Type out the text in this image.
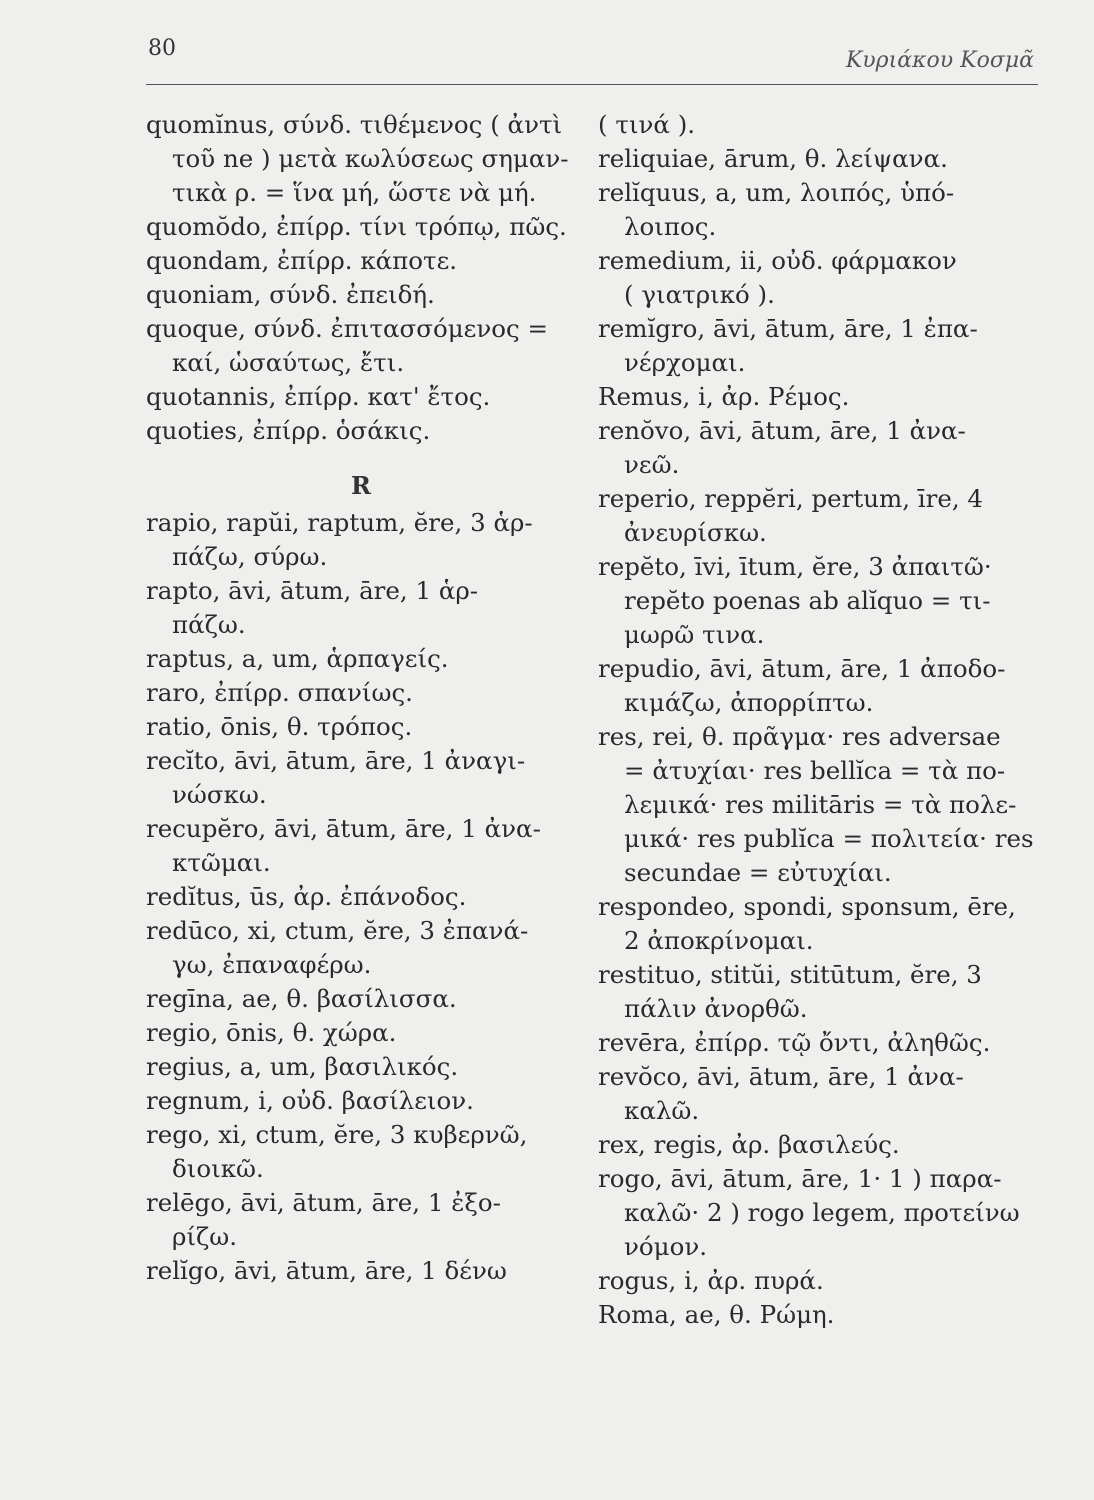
80	Κυριάκου Κοσμᾶ
quomĭnus, σύνδ. τιθέμενος ( ἀντὶ
τοῦ ne ) μετὰ κωλύσεως σημαν-
τικὰ ρ. = ἵνα μή, ὥστε νὰ μή.
quomŏdo, ἐπίρρ. τίνι τρόπῳ, πῶς.
quondam, ἐπίρρ. κάποτε.
quoniam, σύνδ. ἐπειδή.
quoque, σύνδ. ἐπιτασσόμενος =
καί, ὡσαύτως, ἔτι.
quotannis, ἐπίρρ. κατ' ἔτος.
quoties, ἐπίρρ. ὁσάκις.
R
rapio, rapŭi, raptum, ĕre, 3 ἁρ-
πάζω, σύρω.
rapto, āvi, ātum, āre, 1 ἁρ-
πάζω.
raptus, a, um, ἁρπαγείς.
raro, ἐπίρρ. σπανίως.
ratio, ōnis, θ. τρόπος.
recĭto, āvi, ātum, āre, 1 ἀναγι-
νώσκω.
recupĕro, āvi, ātum, āre, 1 ἀνα-
κτῶμαι.
redĭtus, ūs, ἀρ. ἐπάνοδος.
redūco, xi, ctum, ĕre, 3 ἐπανά-
γω, ἐπαναφέρω.
regīna, ae, θ. βασίλισσα.
regio, ōnis, θ. χώρα.
regius, a, um, βασιλικός.
regnum, i, οὐδ. βασίλειον.
rego, xi, ctum, ĕre, 3 κυβερνῶ,
διοικῶ.
relēgo, āvi, ātum, āre, 1 ἐξο-
ρίζω.
relĭgo, āvi, ātum, āre, 1 δένω
( τινά ).
reliquiae, ārum, θ. λείψανα.
relĭquus, a, um, λοιπός, ὑπό-
λοιπος.
remedium, ii, οὐδ. φάρμακον
( γιατρικό ).
remĭgro, āvi, ātum, āre, 1 ἐπα-
νέρχομαι.
Remus, i, ἀρ. Ρέμος.
renŏvo, āvi, ātum, āre, 1 ἀνα-
νεῶ.
reperio, reppĕri, pertum, īre, 4
ἀνευρίσκω.
repĕto, īvi, ītum, ĕre, 3 ἀπαιτῶ·
repĕto poenas ab alĭquo = τι-
μωρῶ τινα.
repudio, āvi, ātum, āre, 1 ἀποδο-
κιμάζω, ἀπορρίπτω.
res, rei, θ. πρᾶγμα· res adversae
= ἀτυχίαι· res bellĭca = τὰ πο-
λεμικά· res militāris = τὰ πολε-
μικά· res publĭca = πολιτεία· res
secundae = εὐτυχίαι.
respondeo, spondi, sponsum, ēre,
2 ἀποκρίνομαι.
restituo, stitŭi, stitūtum, ĕre, 3
πάλιν ἀνορθῶ.
revēra, ἐπίρρ. τῷ ὄντι, ἀληθῶς.
revŏco, āvi, ātum, āre, 1 ἀνα-
καλῶ.
rex, regis, ἀρ. βασιλεύς.
rogo, āvi, ātum, āre, 1· 1 ) παρα-
καλῶ· 2 ) rogo legem, προτείνω
νόμον.
rogus, i, ἀρ. πυρά.
Roma, ae, θ. Ρώμη.
